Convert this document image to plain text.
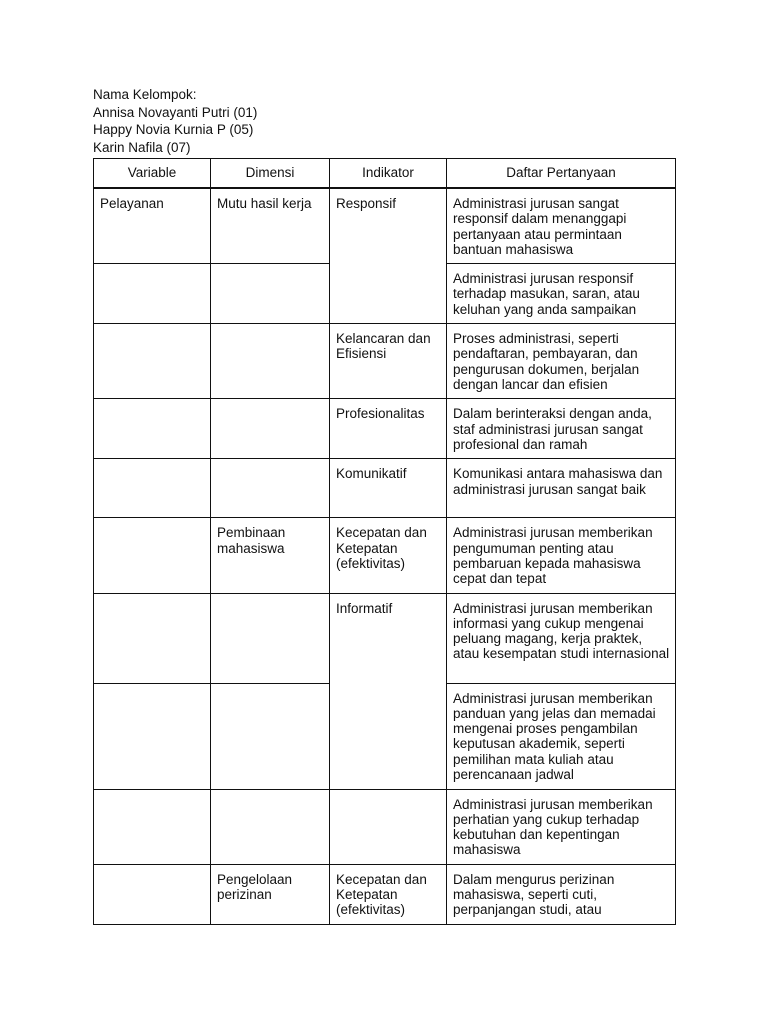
Nama Kelompok:
Annisa Novayanti Putri (01)
Happy Novia Kurnia P (05)
Karin Nafila (07)
Variable	Dimensi	Indikator	Daftar Pertanyaan
Pelayanan	Mutu hasil kerja	Responsif	Administrasi jurusan sangat responsif dalam menanggapi pertanyaan atau permintaan bantuan mahasiswa
			Administrasi jurusan responsif terhadap masukan, saran, atau keluhan yang anda sampaikan
		Kelancaran dan Efisiensi	Proses administrasi, seperti pendaftaran, pembayaran, dan pengurusan dokumen, berjalan dengan lancar dan efisien
		Profesionalitas	Dalam berinteraksi dengan anda, staf administrasi jurusan sangat profesional dan ramah
		Komunikatif	Komunikasi antara mahasiswa dan administrasi jurusan sangat baik
	Pembinaan mahasiswa	Kecepatan dan Ketepatan (efektivitas)	Administrasi jurusan memberikan pengumuman penting atau pembaruan kepada mahasiswa cepat dan tepat
		Informatif	Administrasi jurusan memberikan informasi yang cukup mengenai peluang magang, kerja praktek, atau kesempatan studi internasional
			Administrasi jurusan memberikan panduan yang jelas dan memadai mengenai proses pengambilan keputusan akademik, seperti pemilihan mata kuliah atau perencanaan jadwal
			Administrasi jurusan memberikan perhatian yang cukup terhadap kebutuhan dan kepentingan mahasiswa
	Pengelolaan perizinan	Kecepatan dan Ketepatan (efektivitas)	Dalam mengurus perizinan mahasiswa, seperti cuti, perpanjangan studi, atau
